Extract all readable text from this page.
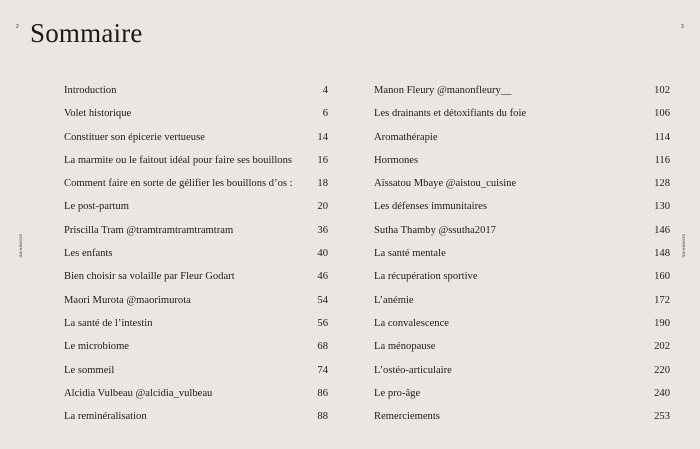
2	3
SOMMAIRE	SOMMAIRE
Sommaire
Introduction	4
Volet historique	6
Constituer son épicerie vertueuse	14
La marmite ou le faitout idéal pour faire ses bouillons 16
Comment faire en sorte de gélifier les bouillons d’os : 18
Le post-partum	20
Priscilla Tram @tramtramtramtramtram	36
Les enfants	40
Bien choisir sa volaille par Fleur Godart	46
Maori Murota @maorimurota	54
La santé de l’intestin	56
Le microbiome	68
Le sommeil	74
Alcidia Vulbeau @alcidia_vulbeau	86
La reminéralisation	88
Manon Fleury @manonfleury__	102
Les drainants et détoxifiants du foie	106
Aromathérapie	114
Hormones	116
Aïssatou Mbaye @aistou_cuisine	128
Les défenses immunitaires	130
Sutha Thamby @ssutha2017	146
La santé mentale	148
La récupération sportive	160
L’anémie	172
La convalescence	190
La ménopause	202
L’ostéo-articulaire	220
Le pro-âge	240
Remerciements	253
